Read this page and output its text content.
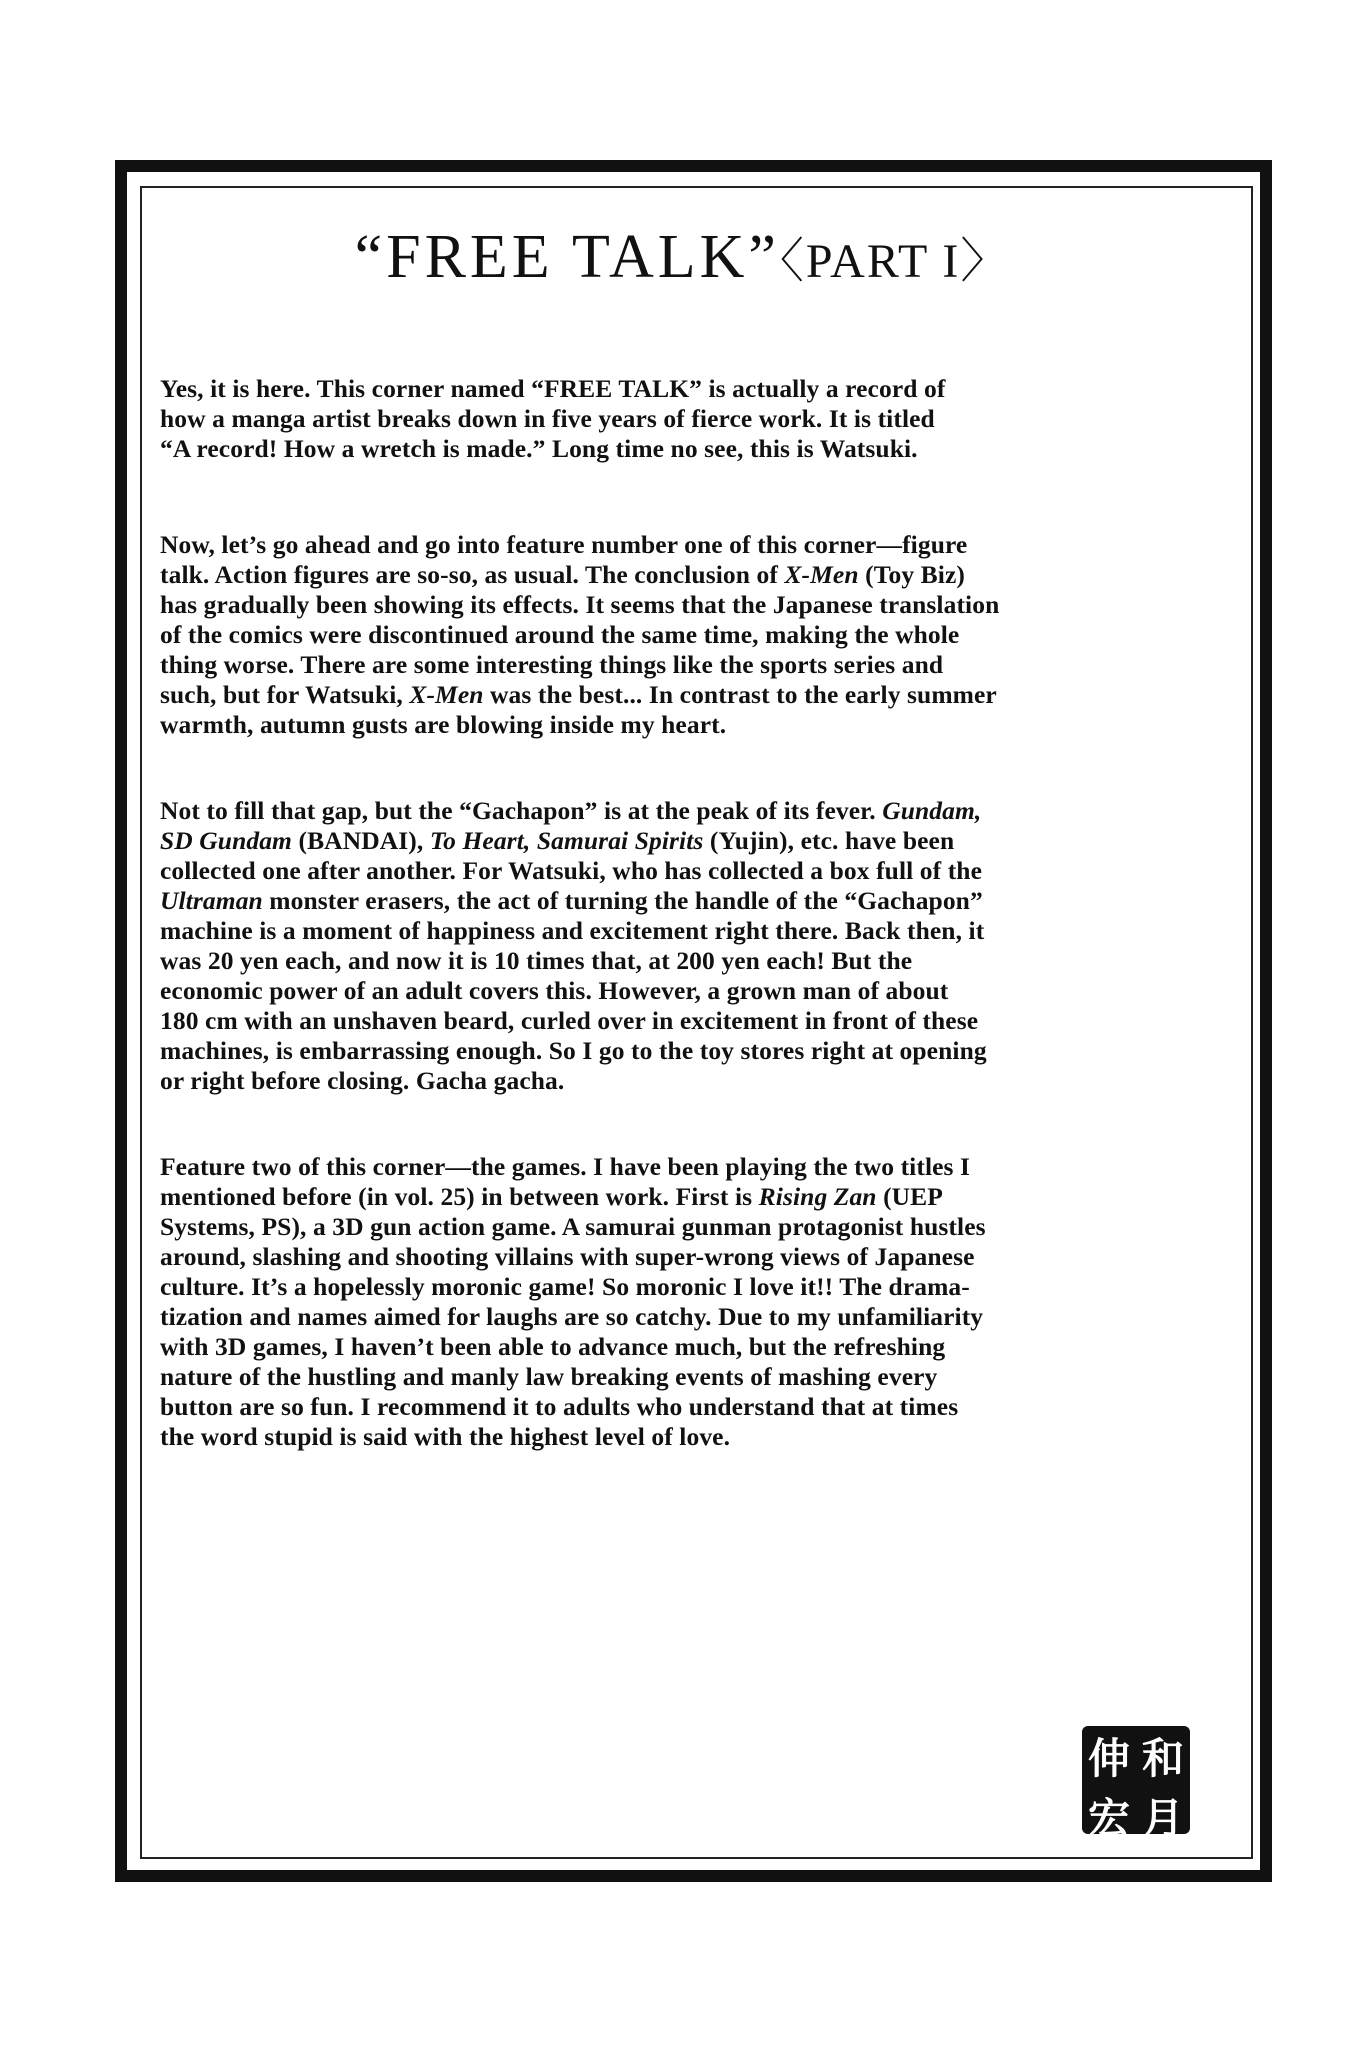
“FREE TALK”〈PART I〉
Yes, it is here. This corner named “FREE TALK” is actually a record of
how a manga artist breaks down in five years of fierce work. It is titled
“A record! How a wretch is made.” Long time no see, this is Watsuki.
Now, let’s go ahead and go into feature number one of this corner—figure
talk. Action figures are so-so, as usual. The conclusion of X-Men (Toy Biz)
has gradually been showing its effects. It seems that the Japanese translation
of the comics were discontinued around the same time, making the whole
thing worse. There are some interesting things like the sports series and
such, but for Watsuki, X-Men was the best... In contrast to the early summer
warmth, autumn gusts are blowing inside my heart.
Not to fill that gap, but the “Gachapon” is at the peak of its fever. Gundam,
SD Gundam (BANDAI), To Heart, Samurai Spirits (Yujin), etc. have been
collected one after another. For Watsuki, who has collected a box full of the
Ultraman monster erasers, the act of turning the handle of the “Gachapon”
machine is a moment of happiness and excitement right there. Back then, it
was 20 yen each, and now it is 10 times that, at 200 yen each! But the
economic power of an adult covers this. However, a grown man of about
180 cm with an unshaven beard, curled over in excitement in front of these
machines, is embarrassing enough. So I go to the toy stores right at opening
or right before closing. Gacha gacha.
Feature two of this corner—the games. I have been playing the two titles I
mentioned before (in vol. 25) in between work. First is Rising Zan (UEP
Systems, PS), a 3D gun action game. A samurai gunman protagonist hustles
around, slashing and shooting villains with super-wrong views of Japanese
culture. It’s a hopelessly moronic game! So moronic I love it!! The drama-
tization and names aimed for laughs are so catchy. Due to my unfamiliarity
with 3D games, I haven’t been able to advance much, but the refreshing
nature of the hustling and manly law breaking events of mashing every
button are so fun. I recommend it to adults who understand that at times
the word stupid is said with the highest level of love.
伸 和
宏 月
